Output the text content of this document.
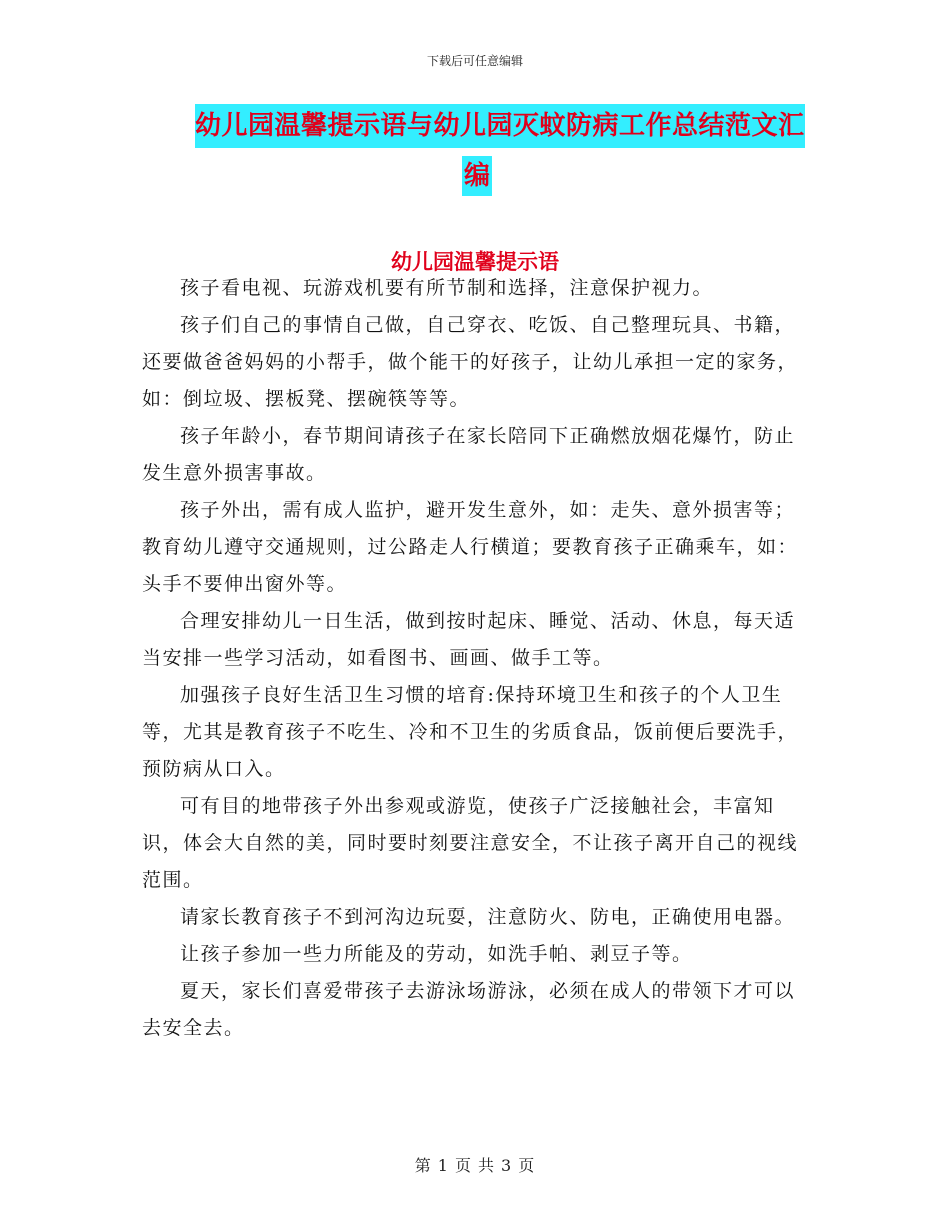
下载后可任意编辑
幼儿园温馨提示语与幼儿园灭蚊防病工作总结范文汇
编
幼儿园温馨提示语

孩子看电视、玩游戏机要有所节制和选择，注意保护视力。

孩子们自己的事情自己做，自己穿衣、吃饭、自己整理玩具、书籍，还要做爸爸妈妈的小帮手，做个能干的好孩子，让幼儿承担一定的家务，如：倒垃圾、摆板凳、摆碗筷等等。

孩子年龄小，春节期间请孩子在家长陪同下正确燃放烟花爆竹，防止发生意外损害事故。

孩子外出，需有成人监护，避开发生意外，如：走失、意外损害等；教育幼儿遵守交通规则，过公路走人行横道；要教育孩子正确乘车，如：头手不要伸出窗外等。

合理安排幼儿一日生活，做到按时起床、睡觉、活动、休息，每天适当安排一些学习活动，如看图书、画画、做手工等。

加强孩子良好生活卫生习惯的培育:保持环境卫生和孩子的个人卫生等，尤其是教育孩子不吃生、冷和不卫生的劣质食品，饭前便后要洗手，预防病从口入。

可有目的地带孩子外出参观或游览，使孩子广泛接触社会，丰富知识，体会大自然的美，同时要时刻要注意安全，不让孩子离开自己的视线范围。

请家长教育孩子不到河沟边玩耍，注意防火、防电，正确使用电器。

让孩子参加一些力所能及的劳动，如洗手帕、剥豆子等。

夏天，家长们喜爱带孩子去游泳场游泳，必须在成人的带领下才可以去安全去。

第 1 页 共 3 页
